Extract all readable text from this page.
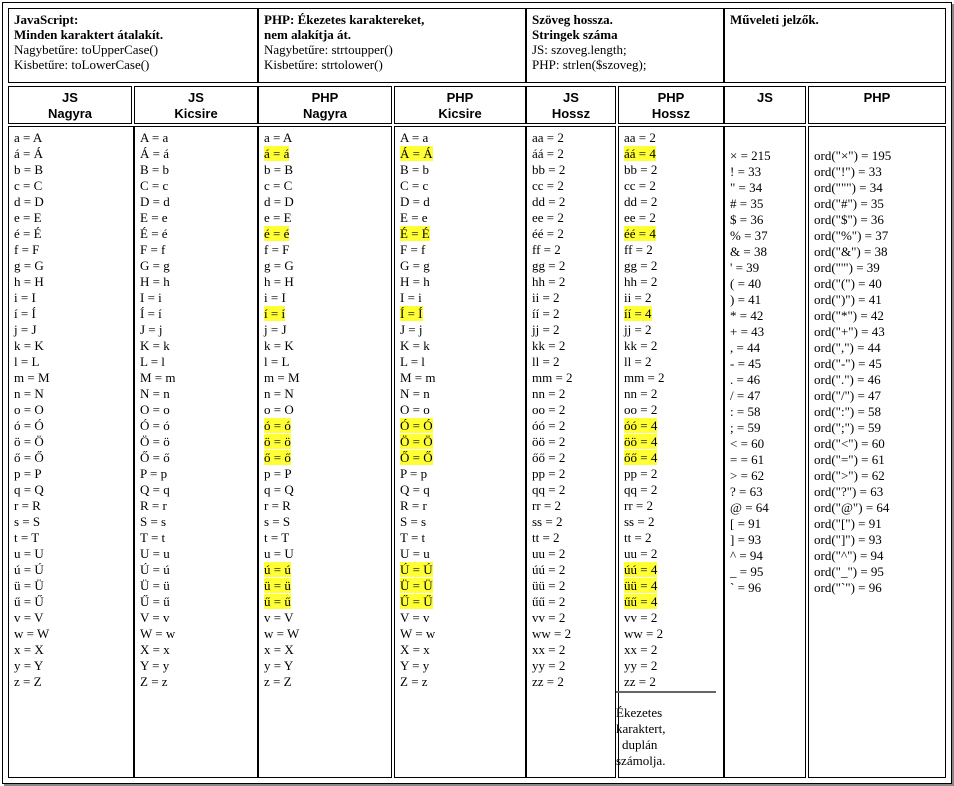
JavaScript:
Minden karaktert átalakít.
Nagybetűre: toUpperCase()
Kisbetűre: toLowerCase()
PHP: Ékezetes karaktereket,
nem alakítja át.
Nagybetűre: strtoupper()
Kisbetűre: strtolower()
Szöveg hossza.
Stringek száma
JS: szoveg.length;
PHP: strlen($szoveg);
Műveleti jelzők.
JS
Nagyra
JS
Kicsire
PHP
Nagyra
PHP
Kicsire
JS
Hossz
PHP
Hossz
JS	PHP
a = A
á = Á
b = B
c = C
d = D
e = E
é = É
f = F
g = G
h = H
i = I
í = Í
j = J
k = K
l = L
m = M
n = N
o = O
ó = Ó
ö = Ö
ő = Ő
p = P
q = Q
r = R
s = S
t = T
u = U
ú = Ú
ü = Ü
ű = Ű
v = V
w = W
x = X
y = Y
z = Z
A = a
Á = á
B = b
C = c
D = d
E = e
É = é
F = f
G = g
H = h
I = i
Í = í
J = j
K = k
L = l
M = m
N = n
O = o
Ó = ó
Ö = ö
Ő = ő
P = p
Q = q
R = r
S = s
T = t
U = u
Ú = ú
Ü = ü
Ű = ű
V = v
W = w
X = x
Y = y
Z = z
a = A
á = á
b = B
c = C
d = D
e = E
é = é
f = F
g = G
h = H
i = I
í = í
j = J
k = K
l = L
m = M
n = N
o = O
ó = ó
ö = ö
ő = ő
p = P
q = Q
r = R
s = S
t = T
u = U
ú = ú
ü = ü
ű = ű
v = V
w = W
x = X
y = Y
z = Z
A = a
Á = Á
B = b
C = c
D = d
E = e
É = É
F = f
G = g
H = h
I = i
Í = Í
J = j
K = k
L = l
M = m
N = n
O = o
Ó = Ó
Ö = Ö
Ő = Ő
P = p
Q = q
R = r
S = s
T = t
U = u
Ú = Ú
Ü = Ü
Ű = Ű
V = v
W = w
X = x
Y = y
Z = z
aa = 2
áá = 2
bb = 2
cc = 2
dd = 2
ee = 2
éé = 2
ff = 2
gg = 2
hh = 2
ii = 2
íí = 2
jj = 2
kk = 2
ll = 2
mm = 2
nn = 2
oo = 2
óó = 2
öö = 2
őő = 2
pp = 2
qq = 2
rr = 2
ss = 2
tt = 2
uu = 2
úú = 2
üü = 2
űű = 2
vv = 2
ww = 2
xx = 2
yy = 2
zz = 2
aa = 2
áá = 4
bb = 2
cc = 2
dd = 2
ee = 2
éé = 4
ff = 2
gg = 2
hh = 2
ii = 2
íí = 4
jj = 2
kk = 2
ll = 2
mm = 2
nn = 2
oo = 2
óó = 4
öö = 4
őő = 4
pp = 2
qq = 2
rr = 2
ss = 2
tt = 2
uu = 2
úú = 4
üü = 4
űű = 4
vv = 2
ww = 2
xx = 2
yy = 2
zz = 2
× = 215
! = 33
" = 34
# = 35
$ = 36
% = 37
& = 38
' = 39
( = 40
) = 41
* = 42
+ = 43
, = 44
- = 45
. = 46
/ = 47
: = 58
; = 59
< = 60
= = 61
> = 62
? = 63
@ = 64
[ = 91
] = 93
^ = 94
_ = 95
` = 96
ord("×") = 195
ord("!") = 33
ord(""") = 34
ord("#") = 35
ord("$") = 36
ord("%") = 37
ord("&") = 38
ord("'") = 39
ord("(") = 40
ord(")") = 41
ord("*") = 42
ord("+") = 43
ord(",") = 44
ord("-") = 45
ord(".") = 46
ord("/") = 47
ord(":") = 58
ord(";") = 59
ord("<") = 60
ord("=") = 61
ord(">") = 62
ord("?") = 63
ord("@") = 64
ord("[") = 91
ord("]") = 93
ord("^") = 94
ord("_") = 95
ord("`") = 96
Ékezetes
karaktert,
duplán
számolja.
